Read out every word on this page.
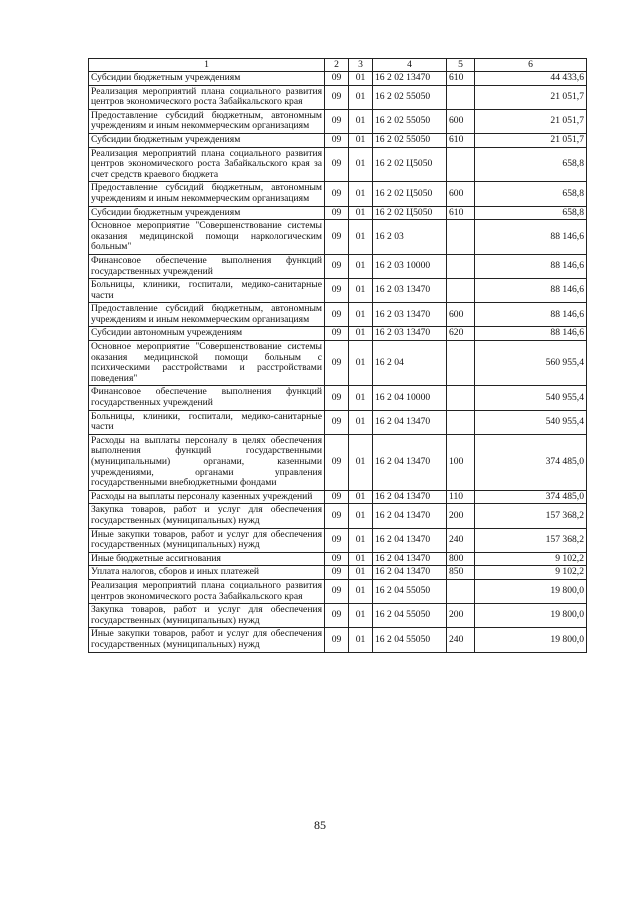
1	2	3	4	5	6
Субсидии бюджетным учреждениям	09	01	16 2 02 13470	610	44 433,6
Реализация мероприятий плана социального развития центров экономического роста Забайкальского края	09	01	16 2 02 55050		21 051,7
Предоставление субсидий бюджетным, автономным учреждениям и иным некоммерческим организациям	09	01	16 2 02 55050	600	21 051,7
Субсидии бюджетным учреждениям	09	01	16 2 02 55050	610	21 051,7
Реализация мероприятий плана социального развития центров экономического роста Забайкальского края за счет средств краевого бюджета	09	01	16 2 02 Ц5050		658,8
Предоставление субсидий бюджетным, автономным учреждениям и иным некоммерческим организациям	09	01	16 2 02 Ц5050	600	658,8
Субсидии бюджетным учреждениям	09	01	16 2 02 Ц5050	610	658,8
Основное мероприятие "Совершенствование системы оказания медицинской помощи наркологическим больным"	09	01	16 2 03		88 146,6
Финансовое обеспечение выполнения функций государственных учреждений	09	01	16 2 03 10000		88 146,6
Больницы, клиники, госпитали, медико-санитарные части	09	01	16 2 03 13470		88 146,6
Предоставление субсидий бюджетным, автономным учреждениям и иным некоммерческим организациям	09	01	16 2 03 13470	600	88 146,6
Субсидии автономным учреждениям	09	01	16 2 03 13470	620	88 146,6
Основное мероприятие "Совершенствование системы оказания медицинской помощи больным с психическими расстройствами и расстройствами поведения"	09	01	16 2 04		560 955,4
Финансовое обеспечение выполнения функций государственных учреждений	09	01	16 2 04 10000		540 955,4
Больницы, клиники, госпитали, медико-санитарные части	09	01	16 2 04 13470		540 955,4
Расходы на выплаты персоналу в целях обеспечения выполнения функций государственными (муниципальными) органами, казенными учреждениями, органами управления государственными внебюджетными фондами	09	01	16 2 04 13470	100	374 485,0
Расходы на выплаты персоналу казенных учреждений	09	01	16 2 04 13470	110	374 485,0
Закупка товаров, работ и услуг для обеспечения государственных (муниципальных) нужд	09	01	16 2 04 13470	200	157 368,2
Иные закупки товаров, работ и услуг для обеспечения государственных (муниципальных) нужд	09	01	16 2 04 13470	240	157 368,2
Иные бюджетные ассигнования	09	01	16 2 04 13470	800	9 102,2
Уплата налогов, сборов и иных платежей	09	01	16 2 04 13470	850	9 102,2
Реализация мероприятий плана социального развития центров экономического роста Забайкальского края	09	01	16 2 04 55050		19 800,0
Закупка товаров, работ и услуг для обеспечения государственных (муниципальных) нужд	09	01	16 2 04 55050	200	19 800,0
Иные закупки товаров, работ и услуг для обеспечения государственных (муниципальных) нужд	09	01	16 2 04 55050	240	19 800,0
85
